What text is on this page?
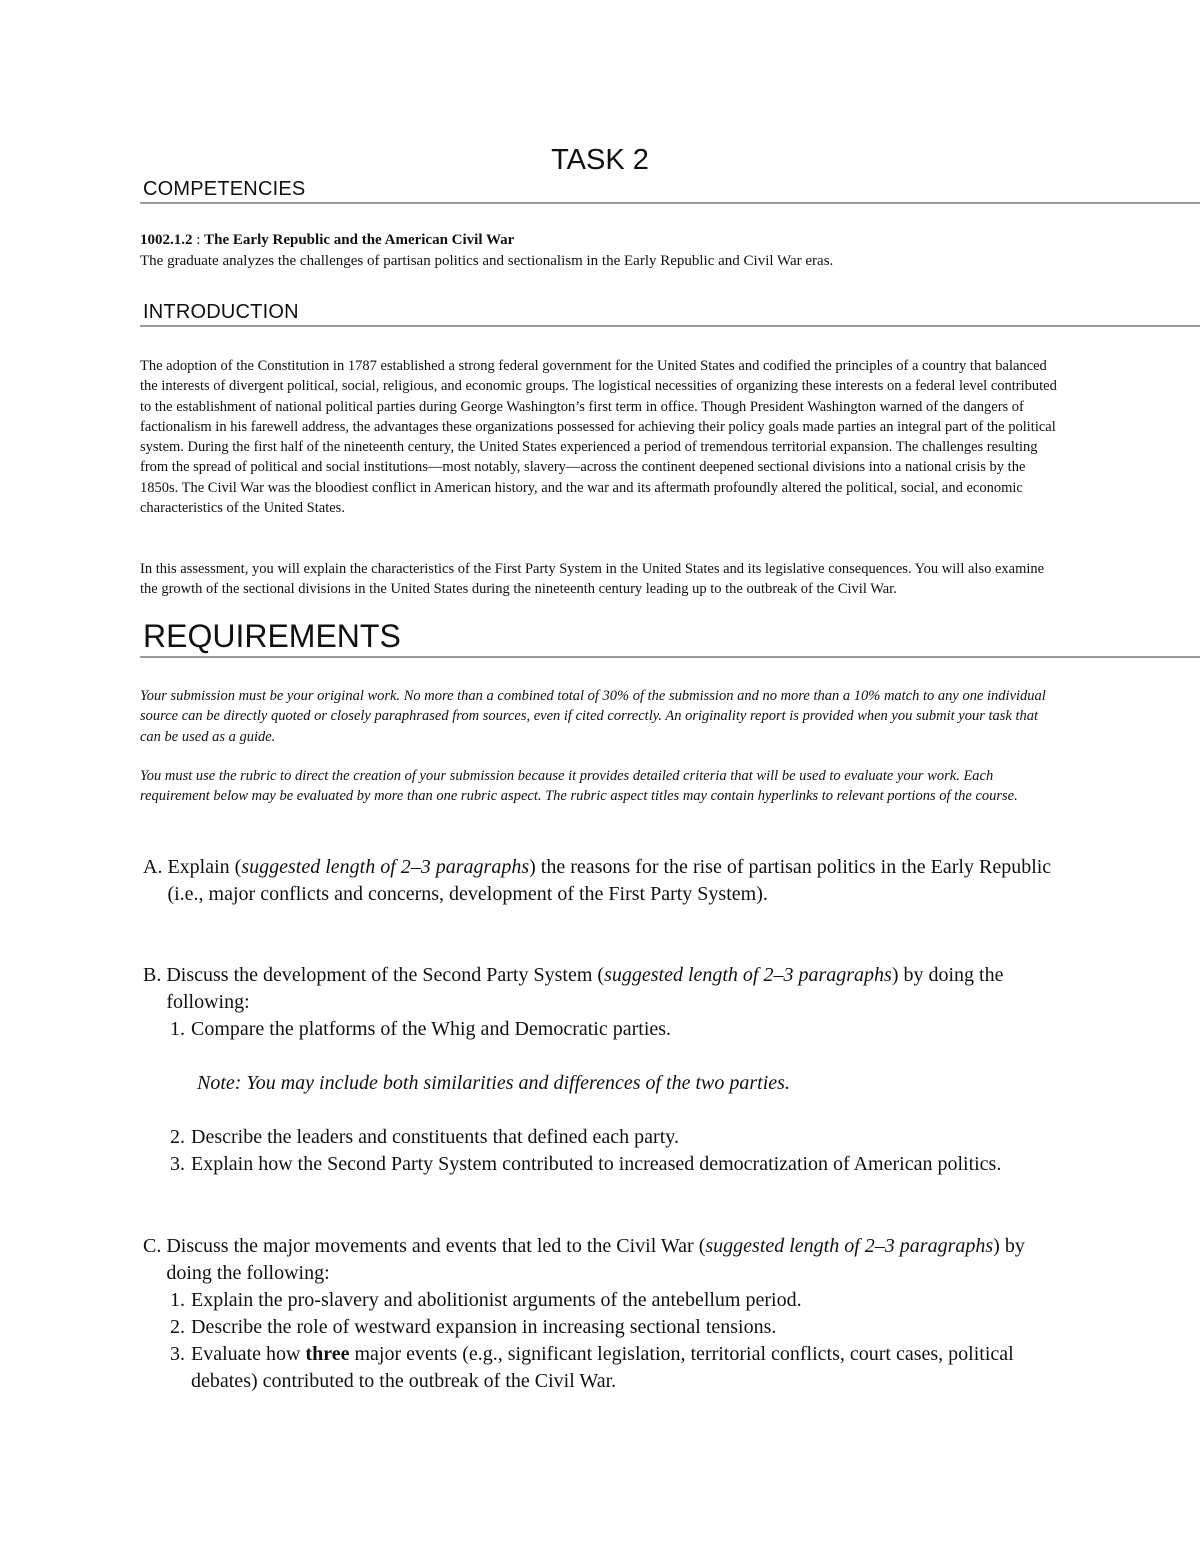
TASK 2
COMPETENCIES
1002.1.2 : The Early Republic and the American Civil War
The graduate analyzes the challenges of partisan politics and sectionalism in the Early Republic and Civil War eras.
INTRODUCTION
The adoption of the Constitution in 1787 established a strong federal government for the United States and codified the principles of a country that balanced the interests of divergent political, social, religious, and economic groups. The logistical necessities of organizing these interests on a federal level contributed to the establishment of national political parties during George Washington’s first term in office. Though President Washington warned of the dangers of factionalism in his farewell address, the advantages these organizations possessed for achieving their policy goals made parties an integral part of the political system. During the first half of the nineteenth century, the United States experienced a period of tremendous territorial expansion. The challenges resulting from the spread of political and social institutions—most notably, slavery—across the continent deepened sectional divisions into a national crisis by the 1850s. The Civil War was the bloodiest conflict in American history, and the war and its aftermath profoundly altered the political, social, and economic characteristics of the United States.
In this assessment, you will explain the characteristics of the First Party System in the United States and its legislative consequences. You will also examine the growth of the sectional divisions in the United States during the nineteenth century leading up to the outbreak of the Civil War.
REQUIREMENTS
Your submission must be your original work. No more than a combined total of 30% of the submission and no more than a 10% match to any one individual source can be directly quoted or closely paraphrased from sources, even if cited correctly. An originality report is provided when you submit your task that can be used as a guide.
You must use the rubric to direct the creation of your submission because it provides detailed criteria that will be used to evaluate your work. Each requirement below may be evaluated by more than one rubric aspect. The rubric aspect titles may contain hyperlinks to relevant portions of the course.
A. Explain (suggested length of 2–3 paragraphs) the reasons for the rise of partisan politics in the Early Republic (i.e., major conflicts and concerns, development of the First Party System).
B. Discuss the development of the Second Party System (suggested length of 2–3 paragraphs) by doing the following:
1. Compare the platforms of the Whig and Democratic parties.
Note: You may include both similarities and differences of the two parties.
2. Describe the leaders and constituents that defined each party.
3. Explain how the Second Party System contributed to increased democratization of American politics.
C. Discuss the major movements and events that led to the Civil War (suggested length of 2–3 paragraphs) by doing the following:
1. Explain the pro-slavery and abolitionist arguments of the antebellum period.
2. Describe the role of westward expansion in increasing sectional tensions.
3. Evaluate how three major events (e.g., significant legislation, territorial conflicts, court cases, political debates) contributed to the outbreak of the Civil War.
